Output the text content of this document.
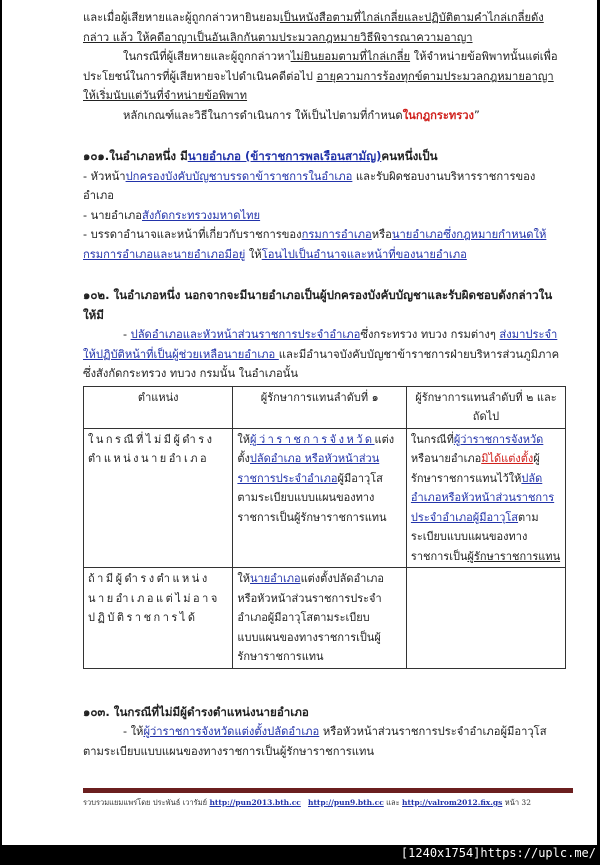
และเมื่อผู้เสียหายและผู้ถูกกล่าวหายินยอมเป็นหนังสือตามที่ไกล่เกลี่ยและปฏิบัติตามคำไกล่เกลี่ยดังกล่าว แล้ว ให้คดีอาญาเป็นอันเลิกกันตามประมวลกฎหมายวิธีพิจารณาความอาญา

ในกรณีที่ผู้เสียหายและผู้ถูกกล่าวหาไม่ยินยอมตามที่ไกล่เกลี่ย ให้จำหน่ายข้อพิพาทนั้นแต่เพื่อประโยชน์ในการที่ผู้เสียหายจะไปดำเนินคดีต่อไป อายุความการร้องทุกข์ตามประมวลกฎหมายอาญาให้เริ่มนับแต่วันที่จำหน่ายข้อพิพาท

หลักเกณฑ์และวิธีในการดำเนินการ ให้เป็นไปตามที่กำหนดในกฎกระทรวง”

๑๐๑.ในอำเภอหนึ่ง มีนายอำเภอ (ข้าราชการพลเรือนสามัญ)คนหนึ่งเป็น

- หัวหน้าปกครองบังคับบัญชาบรรดาข้าราชการในอำเภอ และรับผิดชอบงานบริหารราชการของอำเภอ

- นายอำเภอสังกัดกระทรวงมหาดไทย

- บรรดาอำนาจและหน้าที่เกี่ยวกับราชการของกรมการอำเภอหรือนายอำเภอซึ่งกฎหมายกำหนดให้กรมการอำเภอและนายอำเภอมีอยู่ ให้โอนไปเป็นอำนาจและหน้าที่ของนายอำเภอ

๑๐๒. ในอำเภอหนึ่ง นอกจากจะมีนายอำเภอเป็นผู้ปกครองบังคับบัญชาและรับผิดชอบดังกล่าวใน ให้มี

- ปลัดอำเภอและหัวหน้าส่วนราชการประจำอำเภอซึ่งกระทรวง ทบวง กรมต่างๆ ส่งมาประจำให้ปฏิบัติหน้าที่เป็นผู้ช่วยเหลือนายอำเภอ และมีอำนาจบังคับบัญชาข้าราชการฝ่ายบริหารส่วนภูมิภาคซึ่งสังกัดกระทรวง ทบวง กรมนั้น ในอำเภอนั้น

ตำแหน่ง	ผู้รักษาการแทนลำดับที่ ๑	ผู้รักษาการแทนลำดับที่ ๒ และถัดไป
ในกรณีที่ไม่มีผู้ดำรงตำแหน่งนายอำเภอ	ให้ผู้ว่าราชการจังหวัดแต่งตั้งปลัดอำเภอ หรือหัวหน้าส่วนราชการประจำอำเภอผู้มีอาวุโส ตามระเบียบแบบแผนของทางราชการเป็นผู้รักษาราชการแทน	ในกรณีที่ผู้ว่าราชการจังหวัดหรือนายอำเภอมิได้แต่งตั้งผู้รักษาราชการแทนไว้ให้ปลัดอำเภอหรือหัวหน้าส่วนราชการประจำอำเภอผู้มีอาวุโสตามระเบียบแบบแผนของทางราชการเป็นผู้รักษาราชการแทน
ถ้ามีผู้ดำรงตำแหน่งนายอำเภอแต่ไม่อาจปฏิบัติราชการได้	ให้นายอำเภอแต่งตั้งปลัดอำเภอ หรือหัวหน้าส่วนราชการประจำอำเภอผู้มีอาวุโสตามระเบียบแบบแผนของทางราชการเป็นผู้รักษาราชการแทน	

๑๐๓. ในกรณีที่ไม่มีผู้ดำรงตำแหน่งนายอำเภอ

- ให้ผู้ว่าราชการจังหวัดแต่งตั้งปลัดอำเภอ หรือหัวหน้าส่วนราชการประจำอำเภอผู้มีอาวุโส ตามระเบียบแบบแผนของทางราชการเป็นผู้รักษาราชการแทน

รวบรวมแยมแพร่โดย ประพันธ์ เวารัมย์ http://pun2013.bth.cc http://pun9.bth.cc และ http://valrom2012.fix.gs หน้า 32
[1240x1754]https://uplc.me/
